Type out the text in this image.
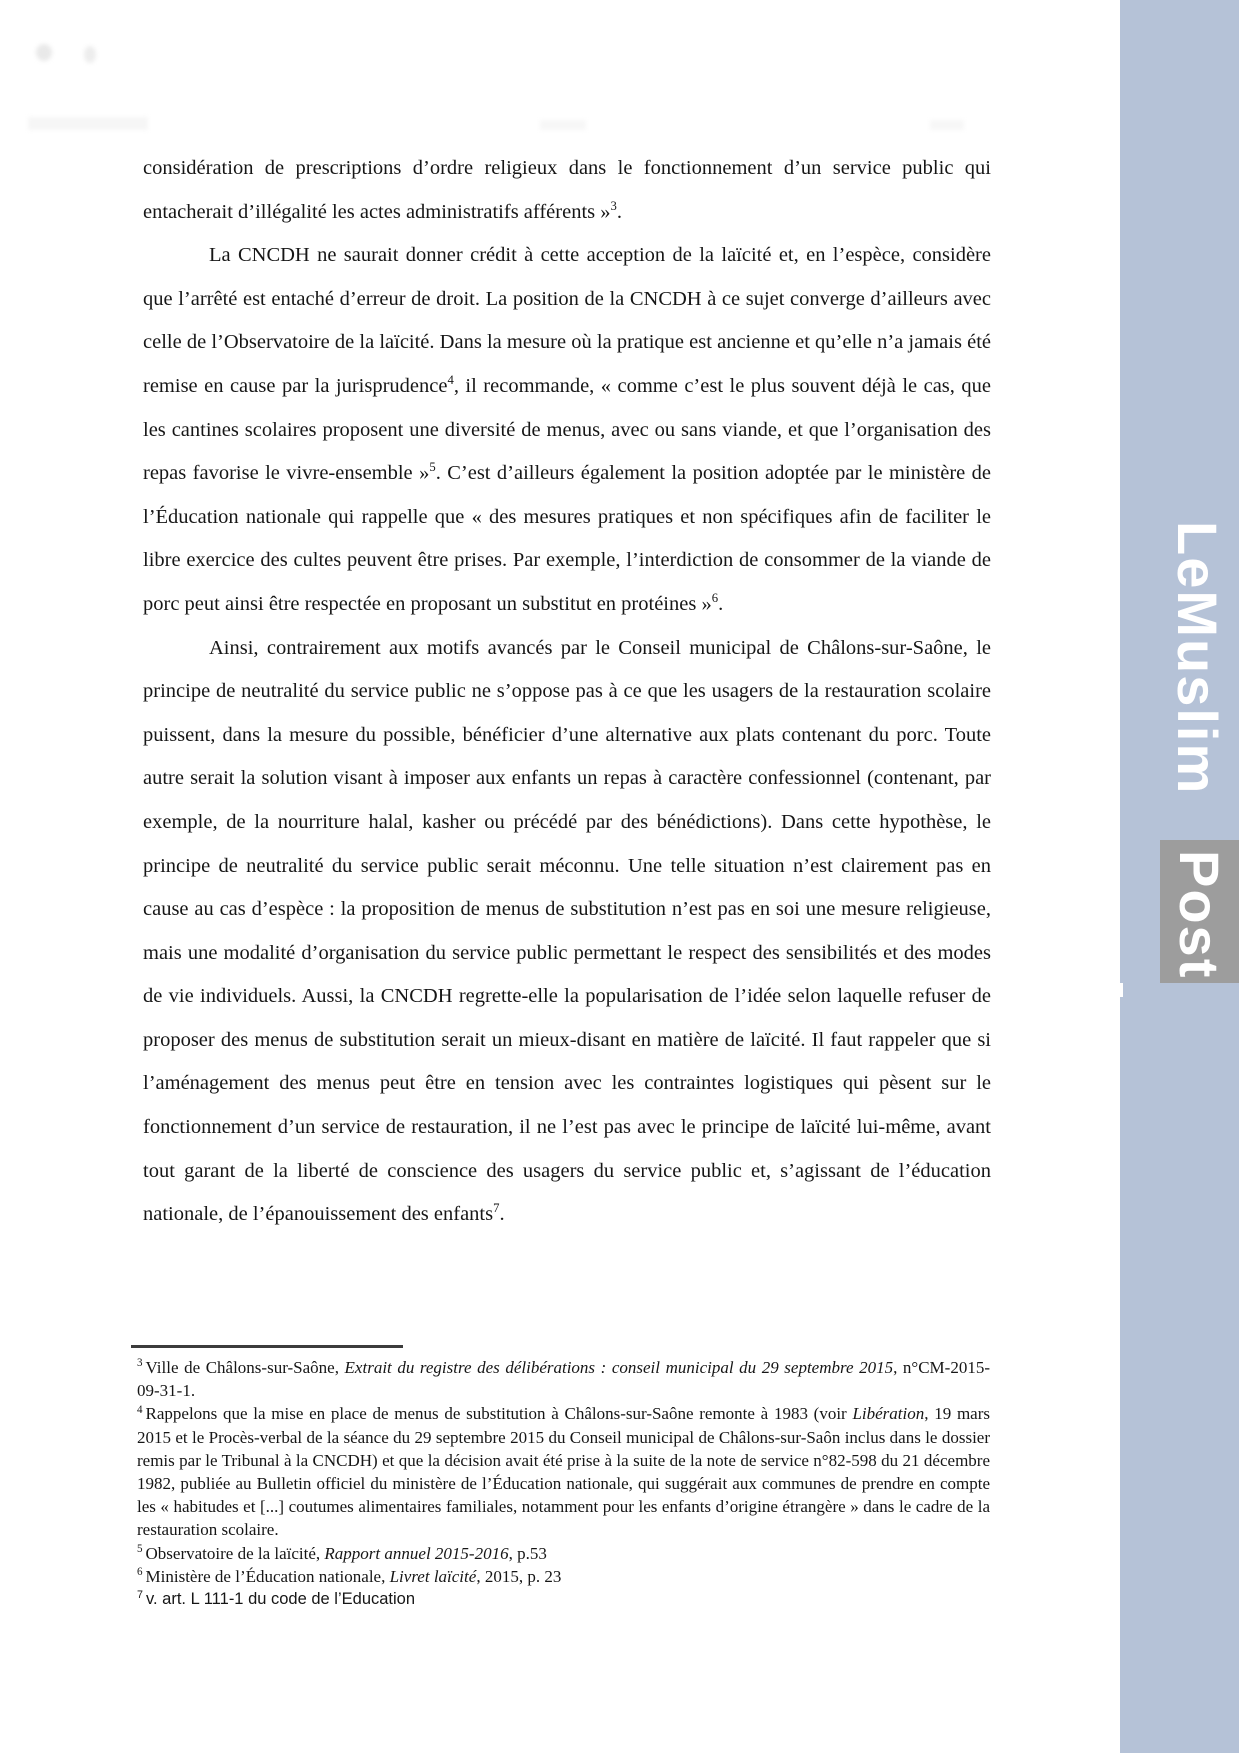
considération de prescriptions d’ordre religieux dans le fonctionnement d’un service public qui entacherait d’illégalité les actes administratifs afférents »$^3$.

La CNCDH ne saurait donner crédit à cette acception de la laïcité et, en l’espèce, considère que l’arrêté est entaché d’erreur de droit. La position de la CNCDH à ce sujet converge d’ailleurs avec celle de l’Observatoire de la laïcité. Dans la mesure où la pratique est ancienne et qu’elle n’a jamais été remise en cause par la jurisprudence$^4$, il recommande, « comme c’est le plus souvent déjà le cas, que les cantines scolaires proposent une diversité de menus, avec ou sans viande, et que l’organisation des repas favorise le vivre-ensemble »$^5$. C’est d’ailleurs également la position adoptée par le ministère de l’Éducation nationale qui rappelle que « des mesures pratiques et non spécifiques afin de faciliter le libre exercice des cultes peuvent être prises. Par exemple, l’interdiction de consommer de la viande de porc peut ainsi être respectée en proposant un substitut en protéines »$^6$.

Ainsi, contrairement aux motifs avancés par le Conseil municipal de Châlons-sur-Saône, le principe de neutralité du service public ne s’oppose pas à ce que les usagers de la restauration scolaire puissent, dans la mesure du possible, bénéficier d’une alternative aux plats contenant du porc. Toute autre serait la solution visant à imposer aux enfants un repas à caractère confessionnel (contenant, par exemple, de la nourriture halal, kasher ou précédé par des bénédictions). Dans cette hypothèse, le principe de neutralité du service public serait méconnu. Une telle situation n’est clairement pas en cause au cas d’espèce : la proposition de menus de substitution n’est pas en soi une mesure religieuse, mais une modalité d’organisation du service public permettant le respect des sensibilités et des modes de vie individuels. Aussi, la CNCDH regrette-elle la popularisation de l’idée selon laquelle refuser de proposer des menus de substitution serait un mieux-disant en matière de laïcité. Il faut rappeler que si l’aménagement des menus peut être en tension avec les contraintes logistiques qui pèsent sur le fonctionnement d’un service de restauration, il ne l’est pas avec le principe de laïcité lui-même, avant tout garant de la liberté de conscience des usagers du service public et, s’agissant de l’éducation nationale, de l’épanouissement des enfants$^7$.

$^3$ Ville de Châlons-sur-Saône, Extrait du registre des délibérations : conseil municipal du 29 septembre 2015, n°CM-2015-09-31-1.
$^4$ Rappelons que la mise en place de menus de substitution à Châlons-sur-Saône remonte à 1983 (voir Libération, 19 mars 2015 et le Procès-verbal de la séance du 29 septembre 2015 du Conseil municipal de Châlons-sur-Saôn inclus dans le dossier remis par le Tribunal à la CNCDH) et que la décision avait été prise à la suite de la note de service n°82-598 du 21 décembre 1982, publiée au Bulletin officiel du ministère de l’Éducation nationale, qui suggérait aux communes de prendre en compte les « habitudes et [...] coutumes alimentaires familiales, notamment pour les enfants d’origine étrangère » dans le cadre de la restauration scolaire.
$^5$ Observatoire de la laïcité, Rapport annuel 2015-2016, p.53
$^6$ Ministère de l’Éducation nationale, Livret laïcité, 2015, p. 23
$^7$ v. art. L 111-1 du code de l’Education
LeMuslim
Post
